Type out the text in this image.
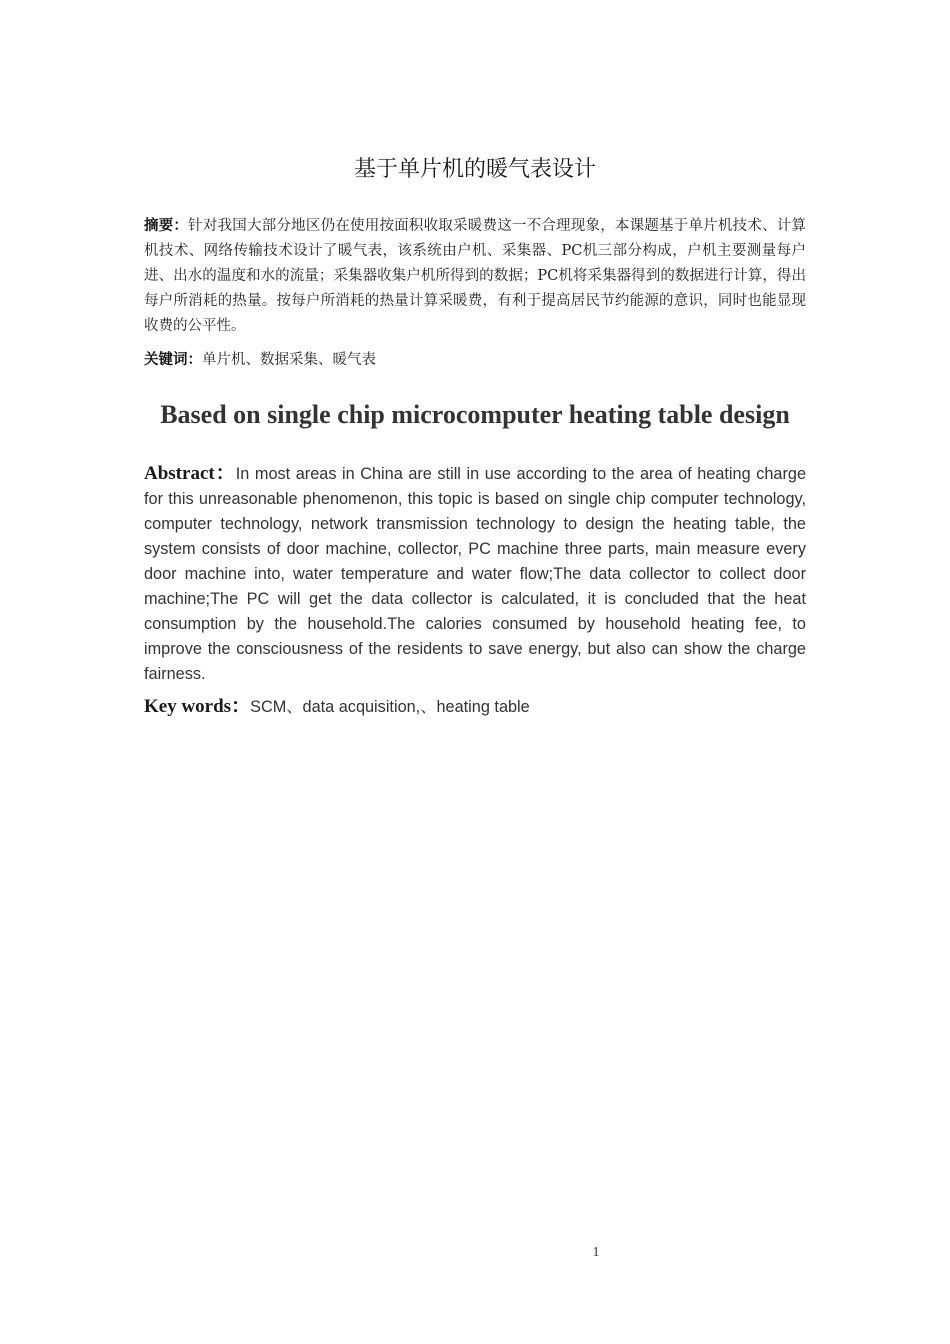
基于单片机的暖气表设计

摘要：针对我国大部分地区仍在使用按面积收取采暖费这一不合理现象，本课题基于单片机技术、计算机技术、网络传输技术设计了暖气表，该系统由户机、采集器、PC机三部分构成，户机主要测量每户进、出水的温度和水的流量；采集器收集户机所得到的数据；PC机将采集器得到的数据进行计算，得出每户所消耗的热量。按每户所消耗的热量计算采暖费，有利于提高居民节约能源的意识，同时也能显现收费的公平性。

关键词：单片机、数据采集、暖气表

Based on single chip microcomputer heating table design

Abstract：In most areas in China are still in use according to the area of heating charge for this unreasonable phenomenon, this topic is based on single chip computer technology, computer technology, network transmission technology to design the heating table, the system consists of door machine, collector, PC machine three parts, main measure every door machine into, water temperature and water flow;The data collector to collect door machine;The PC will get the data collector is calculated, it is concluded that the heat consumption by the household.The calories consumed by household heating fee, to improve the consciousness of the residents to save energy, but also can show the charge fairness.

Key words：SCM、data acquisition,、heating table

1
